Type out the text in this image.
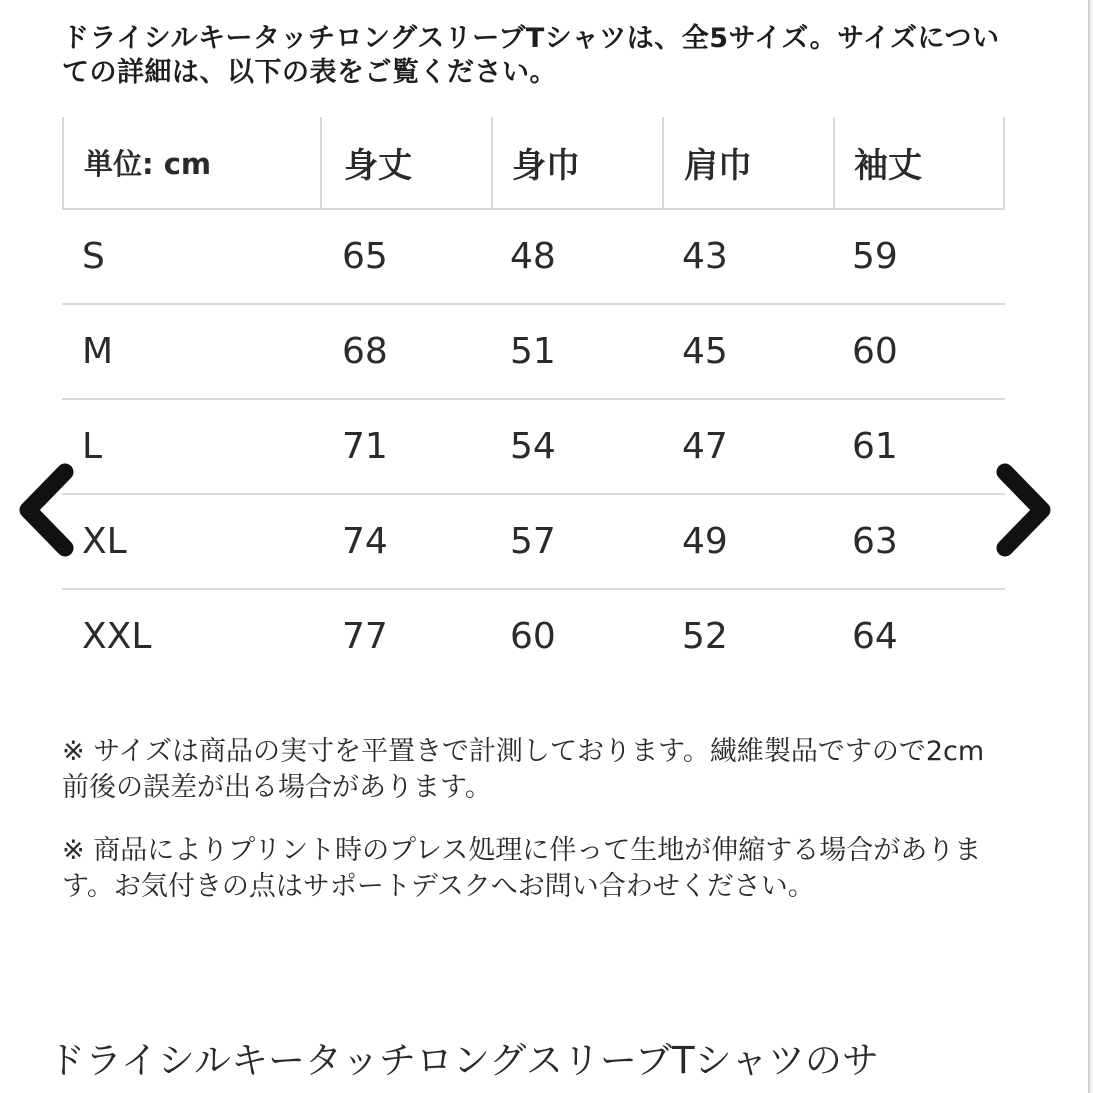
ドライシルキータッチロングスリーブTシャツは、全5サイズ。サイズについての詳細は、以下の表をご覧ください。
単位: cm	身丈	身巾	肩巾	袖丈
S	65	48	43	59
M	68	51	45	60
L	71	54	47	61
XL	74	57	49	63
XXL	77	60	52	64
※ サイズは商品の実寸を平置きで計測しております。繊維製品ですので2cm前後の誤差が出る場合があります。
※ 商品によりプリント時のプレス処理に伴って生地が伸縮する場合があります。お気付きの点はサポートデスクへお問い合わせください。
ドライシルキータッチロングスリーブTシャツのサ
